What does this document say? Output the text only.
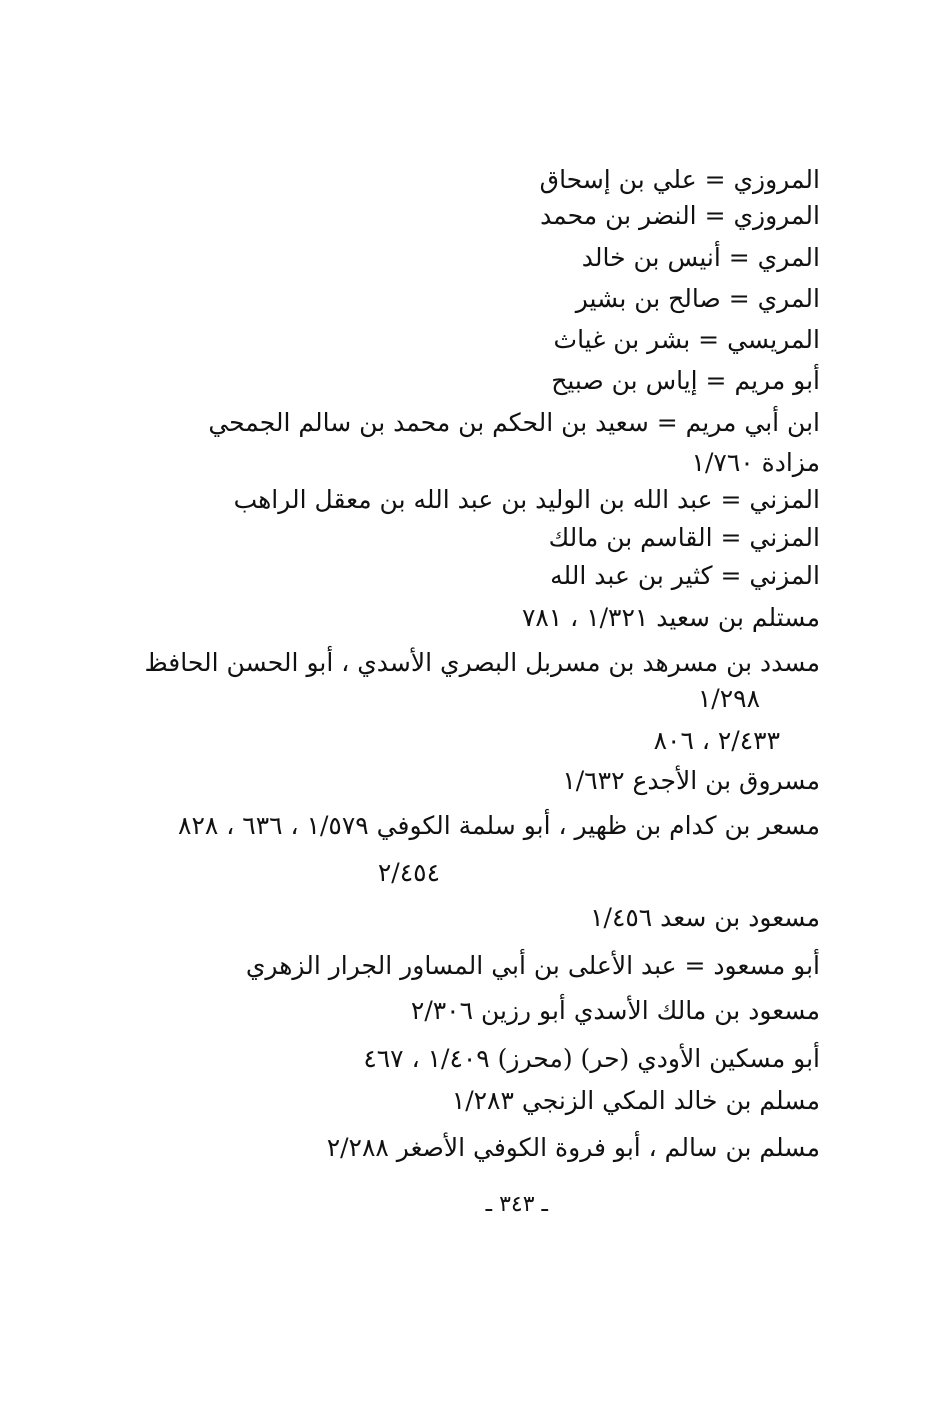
المروزي = علي بن إسحاق
المروزي = النضر بن محمد
المري = أنيس بن خالد
المري = صالح بن بشير
المريسي = بشر بن غياث
أبو مريم = إياس بن صبيح
ابن أبي مريم = سعيد بن الحكم بن محمد بن سالم الجمحي
مزادة ١/٧٦٠
المزني = عبد الله بن الوليد بن عبد الله بن معقل الراهب
المزني = القاسم بن مالك
المزني = كثير بن عبد الله
مستلم بن سعيد ١/٣٢١ ، ٧٨١
مسدد بن مسرهد بن مسربل البصري الأسدي ، أبو الحسن الحافظ
١/٢٩٨
٢/٤٣٣ ، ٨٠٦
مسروق بن الأجدع ١/٦٣٢
مسعر بن كدام بن ظهير ، أبو سلمة الكوفي ١/٥٧٩ ، ٦٣٦ ، ٨٢٨
٢/٤٥٤
مسعود بن سعد ١/٤٥٦
أبو مسعود = عبد الأعلى بن أبي المساور الجرار الزهري
مسعود بن مالك الأسدي أبو رزين ٢/٣٠٦
أبو مسكين الأودي (حر) (محرز) ١/٤٠٩ ، ٤٦٧
مسلم بن خالد المكي الزنجي ١/٢٨٣
مسلم بن سالم ، أبو فروة الكوفي الأصغر ٢/٢٨٨
ـ ٣٤٣ ـ
